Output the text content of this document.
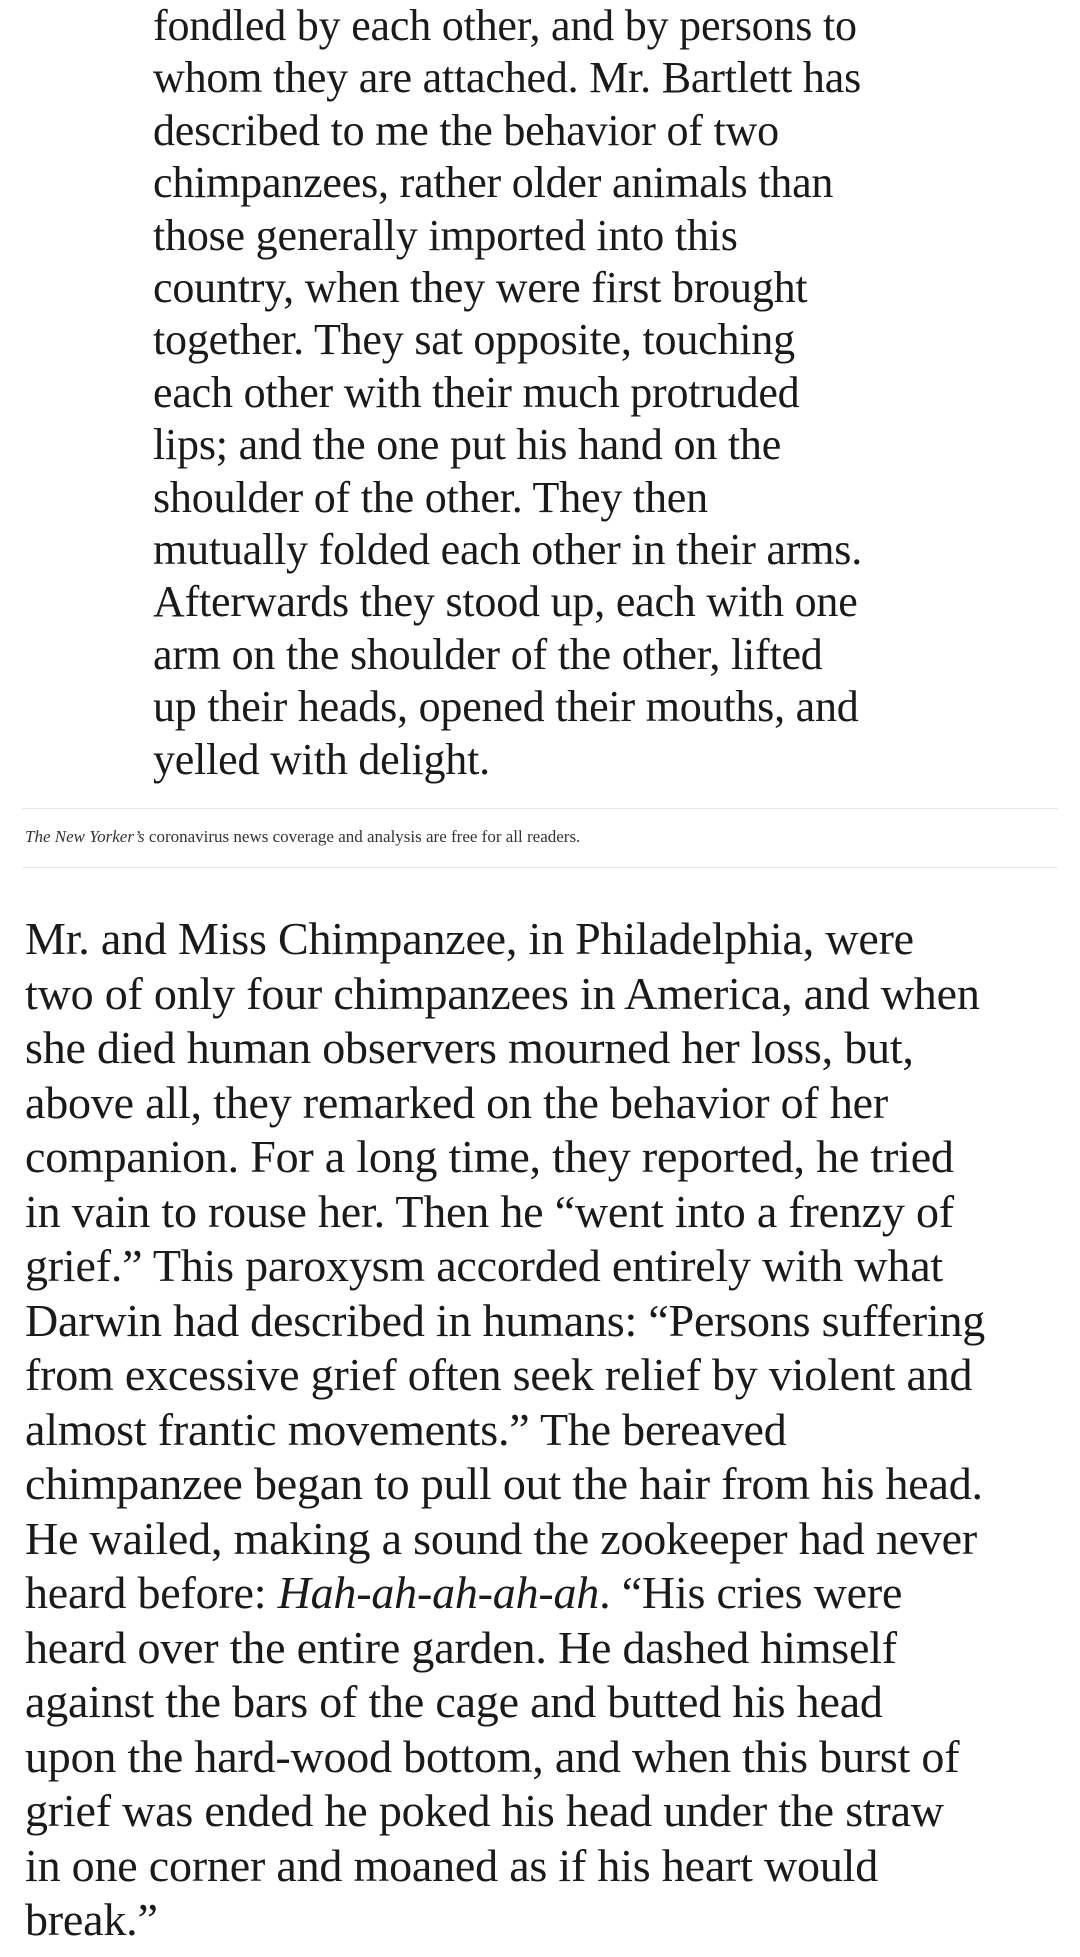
fondled by each other, and by persons to
whom they are attached. Mr. Bartlett has
described to me the behavior of two
chimpanzees, rather older animals than
those generally imported into this
country, when they were first brought
together. They sat opposite, touching
each other with their much protruded
lips; and the one put his hand on the
shoulder of the other. They then
mutually folded each other in their arms.
Afterwards they stood up, each with one
arm on the shoulder of the other, lifted
up their heads, opened their mouths, and
yelled with delight.

The New Yorker’s coronavirus news coverage and analysis are free for all readers.

Mr. and Miss Chimpanzee, in Philadelphia, were
two of only four chimpanzees in America, and when
she died human observers mourned her loss, but,
above all, they remarked on the behavior of her
companion. For a long time, they reported, he tried
in vain to rouse her. Then he “went into a frenzy of
grief.” This paroxysm accorded entirely with what
Darwin had described in humans: “Persons suffering
from excessive grief often seek relief by violent and
almost frantic movements.” The bereaved
chimpanzee began to pull out the hair from his head.
He wailed, making a sound the zookeeper had never
heard before: Hah-ah-ah-ah-ah. “His cries were
heard over the entire garden. He dashed himself
against the bars of the cage and butted his head
upon the hard-wood bottom, and when this burst of
grief was ended he poked his head under the straw
in one corner and moaned as if his heart would
break.”
